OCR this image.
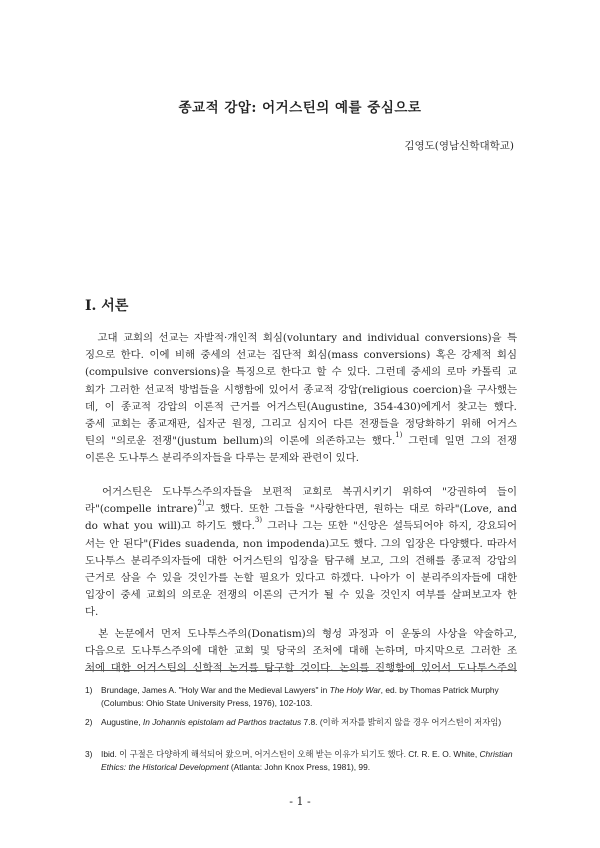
종교적 강압: 어거스틴의 예를 중심으로
김영도(영남신학대학교)
Ⅰ. 서론
　고대 교회의 선교는 자발적·개인적 회심(voluntary and individual conversions)을 특
징으로 한다. 이에 비해 중세의 선교는 집단적 회심(mass conversions) 혹은 강제적 회심
(compulsive conversions)을 특징으로 한다고 할 수 있다. 그런데 중세의 로마 카톨릭 교
회가 그러한 선교적 방법들을 시행함에 있어서 종교적 강압(religious coercion)을 구사했는
데, 이 종교적 강압의 이론적 근거를 어거스틴(Augustine, 354-430)에게서 찾고는 했다.
중세 교회는 종교재판, 십자군 원정, 그리고 심지어 다른 전쟁들을 정당화하기 위해 어거스
틴의 "의로운 전쟁"(justum bellum)의 이론에 의존하고는 했다.$^{1)}$ 그런데 일면 그의 전쟁
이론은 도나투스 분리주의자들을 다루는 문제와 관련이 있다.
　어거스틴은 도나투스주의자들을 보편적 교회로 복귀시키기 위하여 "강권하여 들이
라"(compelle intrare)$^{2)}$고 했다. 또한 그들을 "사랑한다면, 원하는 대로 하라"(Love, and
do what you will)고 하기도 했다.$^{3)}$ 그러나 그는 또한 "신앙은 설득되어야 하지, 강요되어
서는 안 된다"(Fides suadenda, non impodenda)고도 했다. 그의 입장은 다양했다. 따라서
도나투스 분리주의자들에 대한 어거스틴의 입장을 탐구해 보고, 그의 견해를 종교적 강압의
근거로 삼을 수 있을 것인가를 논할 필요가 있다고 하겠다. 나아가 이 분리주의자들에 대한
입장이 중세 교회의 의로운 전쟁의 이론의 근거가 될 수 있을 것인지 여부를 살펴보고자 한
다.
　본 논문에서 먼저 도나투스주의(Donatism)의 형성 과정과 이 운동의 사상을 약술하고,
다음으로 도나투스주의에 대한 교회 및 당국의 조처에 대해 논하며, 마지막으로 그러한 조
처에 대한 어거스틴의 신학적 논거를 탐구할 것이다. 논의를 진행함에 있어서 도나투스주의
1) Brundage, James A. "Holy War and the Medieval Lawyers" in The Holy War, ed. by Thomas Patrick Murphy (Columbus: Ohio State University Press, 1976), 102-103.
2) Augustine, In Johannis epistolam ad Parthos tractatus 7.8. (이하 저자를 밝히지 않을 경우 어거스틴이 저자임)
3) Ibid. 이 구절은 다양하게 해석되어 왔으며, 어거스틴이 오해 받는 이유가 되기도 했다. Cf. R. E. O. White, Christian Ethics: the Historical Development (Atlanta: John Knox Press, 1981), 99.
- 1 -
